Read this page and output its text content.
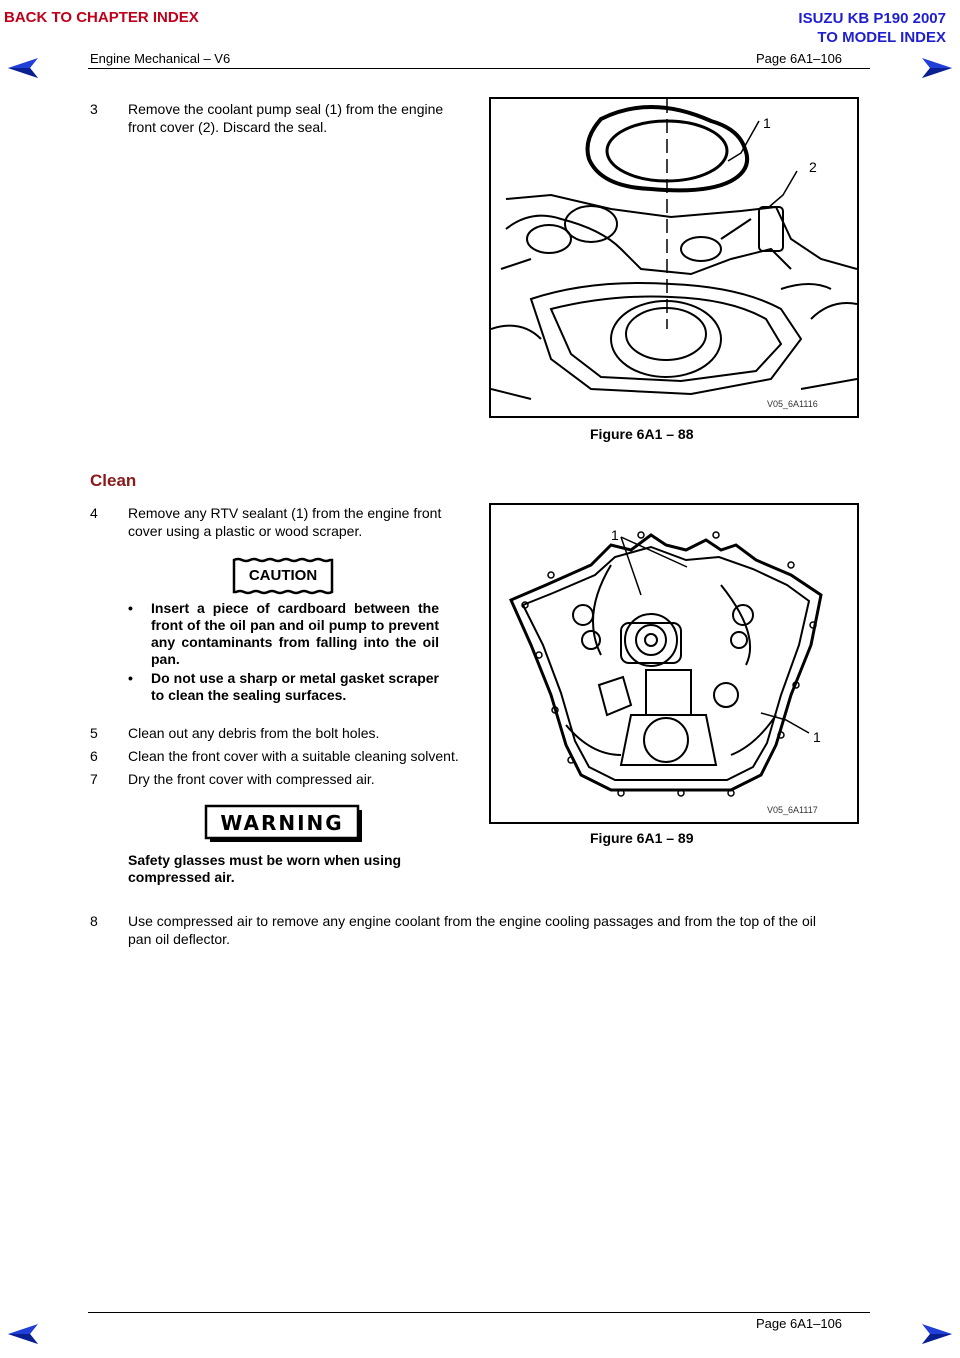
BACK TO CHAPTER INDEX	ISUZU KB P190 2007
TO MODEL INDEX
Engine Mechanical – V6	Page 6A1–106
3 Remove the coolant pump seal (1) from the engine
front cover (2). Discard the seal.	1
2
V05_6A1116
Figure 6A1 – 88
Clean
4 Remove any RTV sealant (1) from the engine front
cover using a plastic or wood scraper.
CAUTION
• Insert a piece of cardboard between the front of the oil pan and oil pump to prevent any contaminants from falling into the oil pan.
• Do not use a sharp or metal gasket scraper to clean the sealing surfaces.
5 Clean out any debris from the bolt holes.
6 Clean the front cover with a suitable cleaning solvent.
7 Dry the front cover with compressed air.
WARNING
Safety glasses must be worn when using
compressed air.
1
1
V05_6A1117
Figure 6A1 – 89
8 Use compressed air to remove any engine coolant from the engine cooling passages and from the top of the oil
pan oil deflector.
Page 6A1–106
